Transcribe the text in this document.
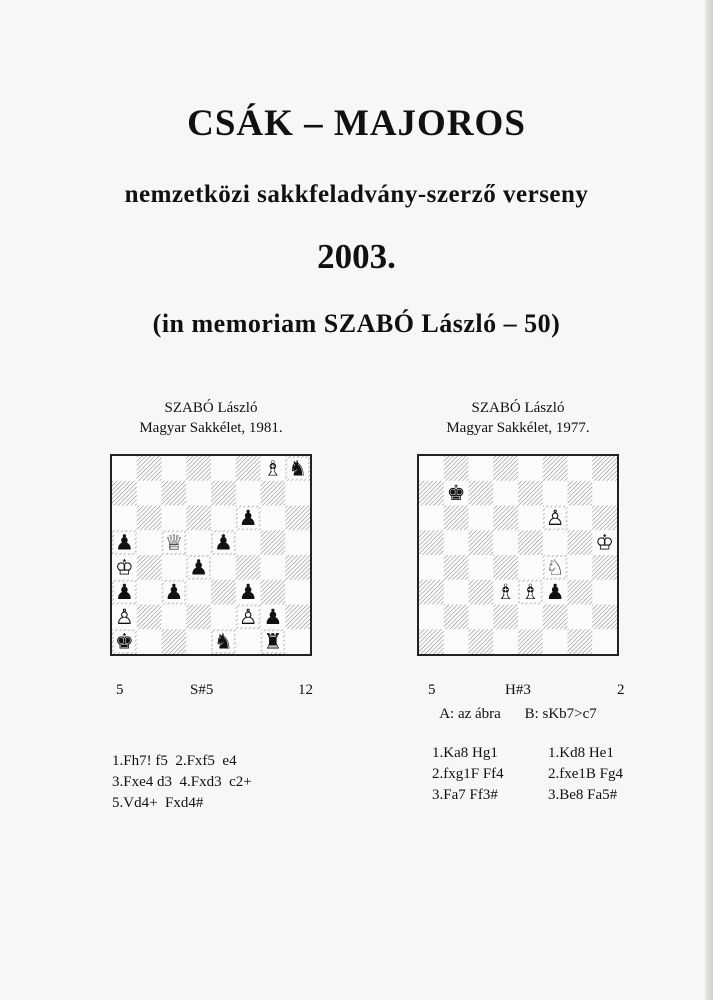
CSÁK – MAJOROS
nemzetközi sakkfeladvány-szerző verseny
2003.
(in memoriam SZABÓ László – 50)
SZABÓ László
Magyar Sakkélet, 1981.
♗ ♞
♟
♟ ♕ ♟
♔	♟
♟ ♟	♟
♙	♙ ♟
♚	♞ ♜
5	S#5	12
1.Fh7! f5  2.Fxf5  e4
3.Fxe4 d3  4.Fxd3  c2+
5.Vd4+  Fxd4#
SZABÓ László
Magyar Sakkélet, 1977.
♚
♙
♔
♘
♗ ♗ ♟
5	H#3	2
A: az ábra B: sKb7>c7
1.Ka8 Hg1	1.Kd8 He1
2.fxg1F Ff4	2.fxe1B Fg4
3.Fa7 Ff3#	3.Be8 Fa5#
